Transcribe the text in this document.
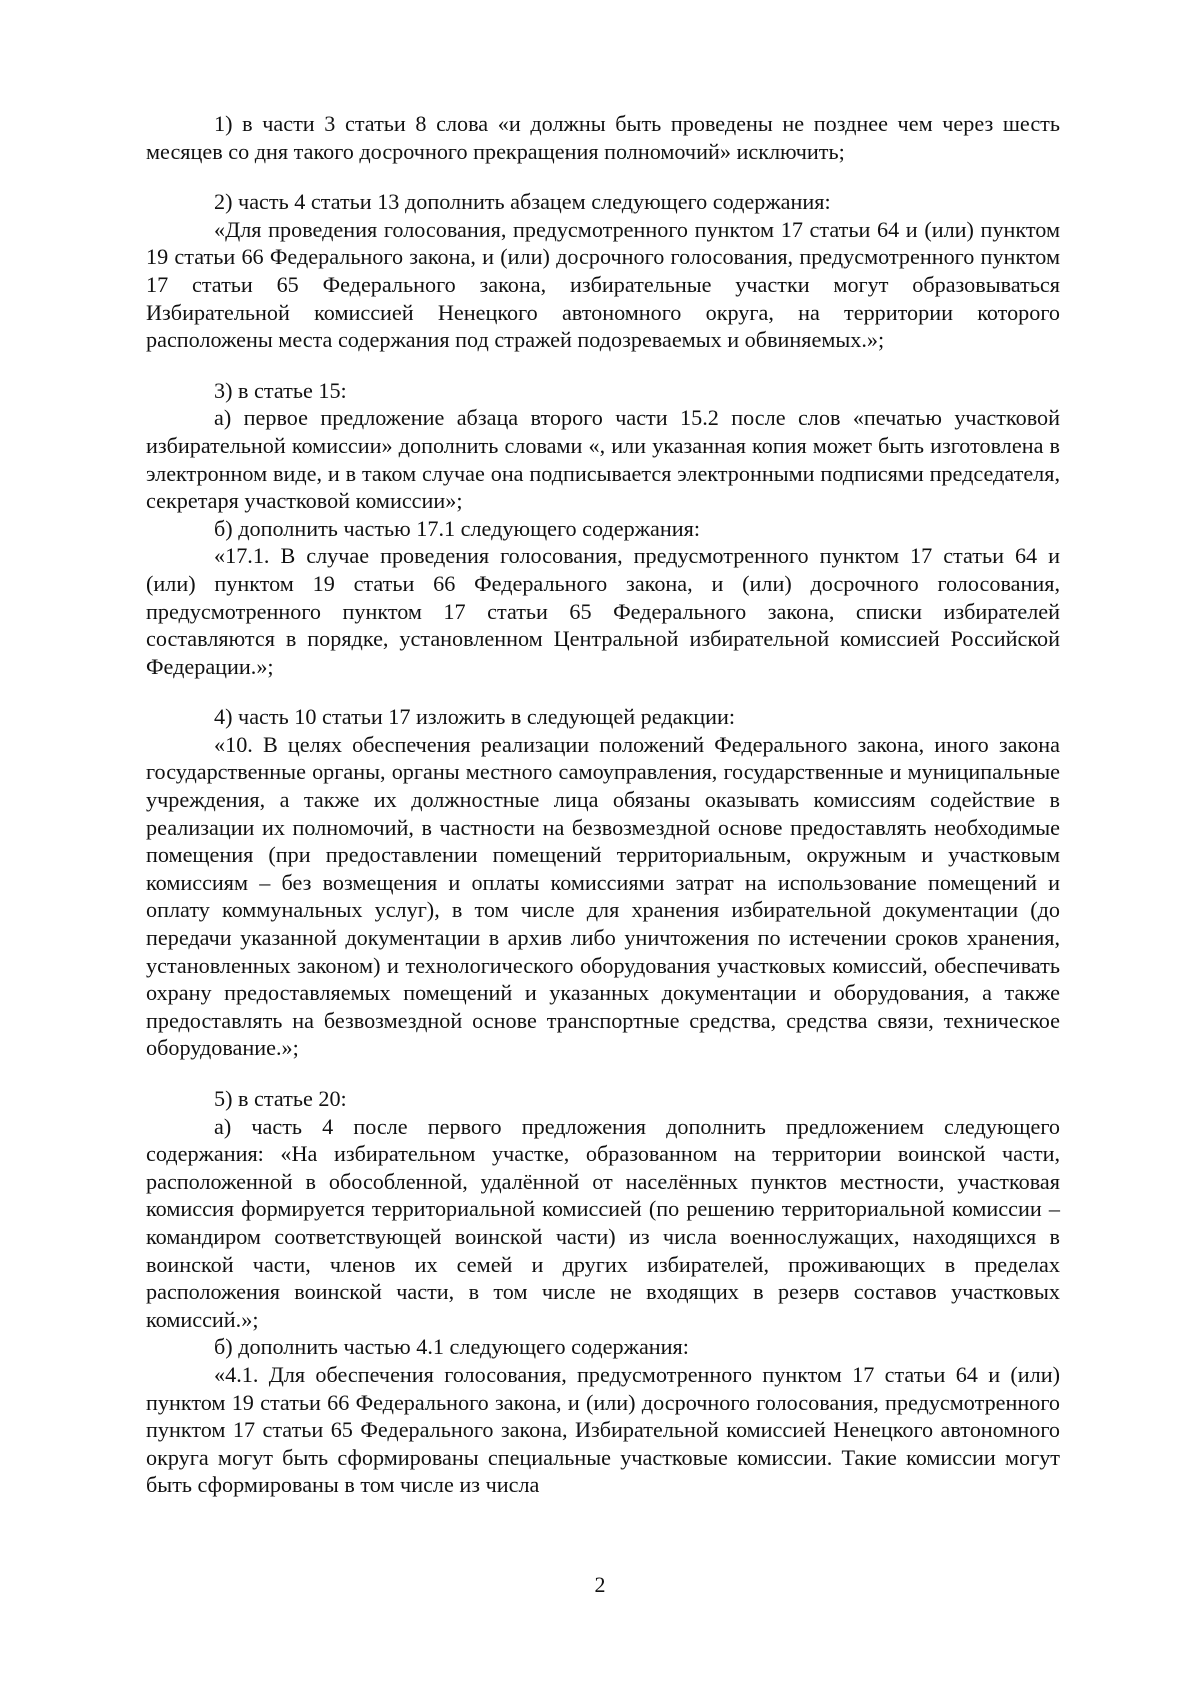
1) в части 3 статьи 8 слова «и должны быть проведены не позднее чем через шесть месяцев со дня такого досрочного прекращения полномочий» исключить;

2) часть 4 статьи 13 дополнить абзацем следующего содержания:

«Для проведения голосования, предусмотренного пунктом 17 статьи 64 и (или) пунктом 19 статьи 66 Федерального закона, и (или) досрочного голосования, предусмотренного пунктом 17 статьи 65 Федерального закона, избирательные участки могут образовываться Избирательной комиссией Ненецкого автономного округа, на территории которого расположены места содержания под стражей подозреваемых и обвиняемых.»;

3) в статье 15:

а) первое предложение абзаца второго части 15.2 после слов «печатью участковой избирательной комиссии» дополнить словами «, или указанная копия может быть изготовлена в электронном виде, и в таком случае она подписывается электронными подписями председателя, секретаря участковой комиссии»;

б) дополнить частью 17.1 следующего содержания:

«17.1. В случае проведения голосования, предусмотренного пунктом 17 статьи 64 и (или) пунктом 19 статьи 66 Федерального закона, и (или) досрочного голосования, предусмотренного пунктом 17 статьи 65 Федерального закона, списки избирателей составляются в порядке, установленном Центральной избирательной комиссией Российской Федерации.»;

4) часть 10 статьи 17 изложить в следующей редакции:

«10. В целях обеспечения реализации положений Федерального закона, иного закона государственные органы, органы местного самоуправления, государственные и муниципальные учреждения, а также их должностные лица обязаны оказывать комиссиям содействие в реализации их полномочий, в частности на безвозмездной основе предоставлять необходимые помещения (при предоставлении помещений территориальным, окружным и участковым комиссиям – без возмещения и оплаты комиссиями затрат на использование помещений и оплату коммунальных услуг), в том числе для хранения избирательной документации (до передачи указанной документации в архив либо уничтожения по истечении сроков хранения, установленных законом) и технологического оборудования участковых комиссий, обеспечивать охрану предоставляемых помещений и указанных документации и оборудования, а также предоставлять на безвозмездной основе транспортные средства, средства связи, техническое оборудование.»;

5) в статье 20:

а) часть 4 после первого предложения дополнить предложением следующего содержания: «На избирательном участке, образованном на территории воинской части, расположенной в обособленной, удалённой от населённых пунктов местности, участковая комиссия формируется территориальной комиссией (по решению территориальной комиссии – командиром соответствующей воинской части) из числа военнослужащих, находящихся в воинской части, членов их семей и других избирателей, проживающих в пределах расположения воинской части, в том числе не входящих в резерв составов участковых комиссий.»;

б) дополнить частью 4.1 следующего содержания:

«4.1. Для обеспечения голосования, предусмотренного пунктом 17 статьи 64 и (или) пунктом 19 статьи 66 Федерального закона, и (или) досрочного голосования, предусмотренного пунктом 17 статьи 65 Федерального закона, Избирательной комиссией Ненецкого автономного округа могут быть сформированы специальные участковые комиссии. Такие комиссии могут быть сформированы в том числе из числа

2
